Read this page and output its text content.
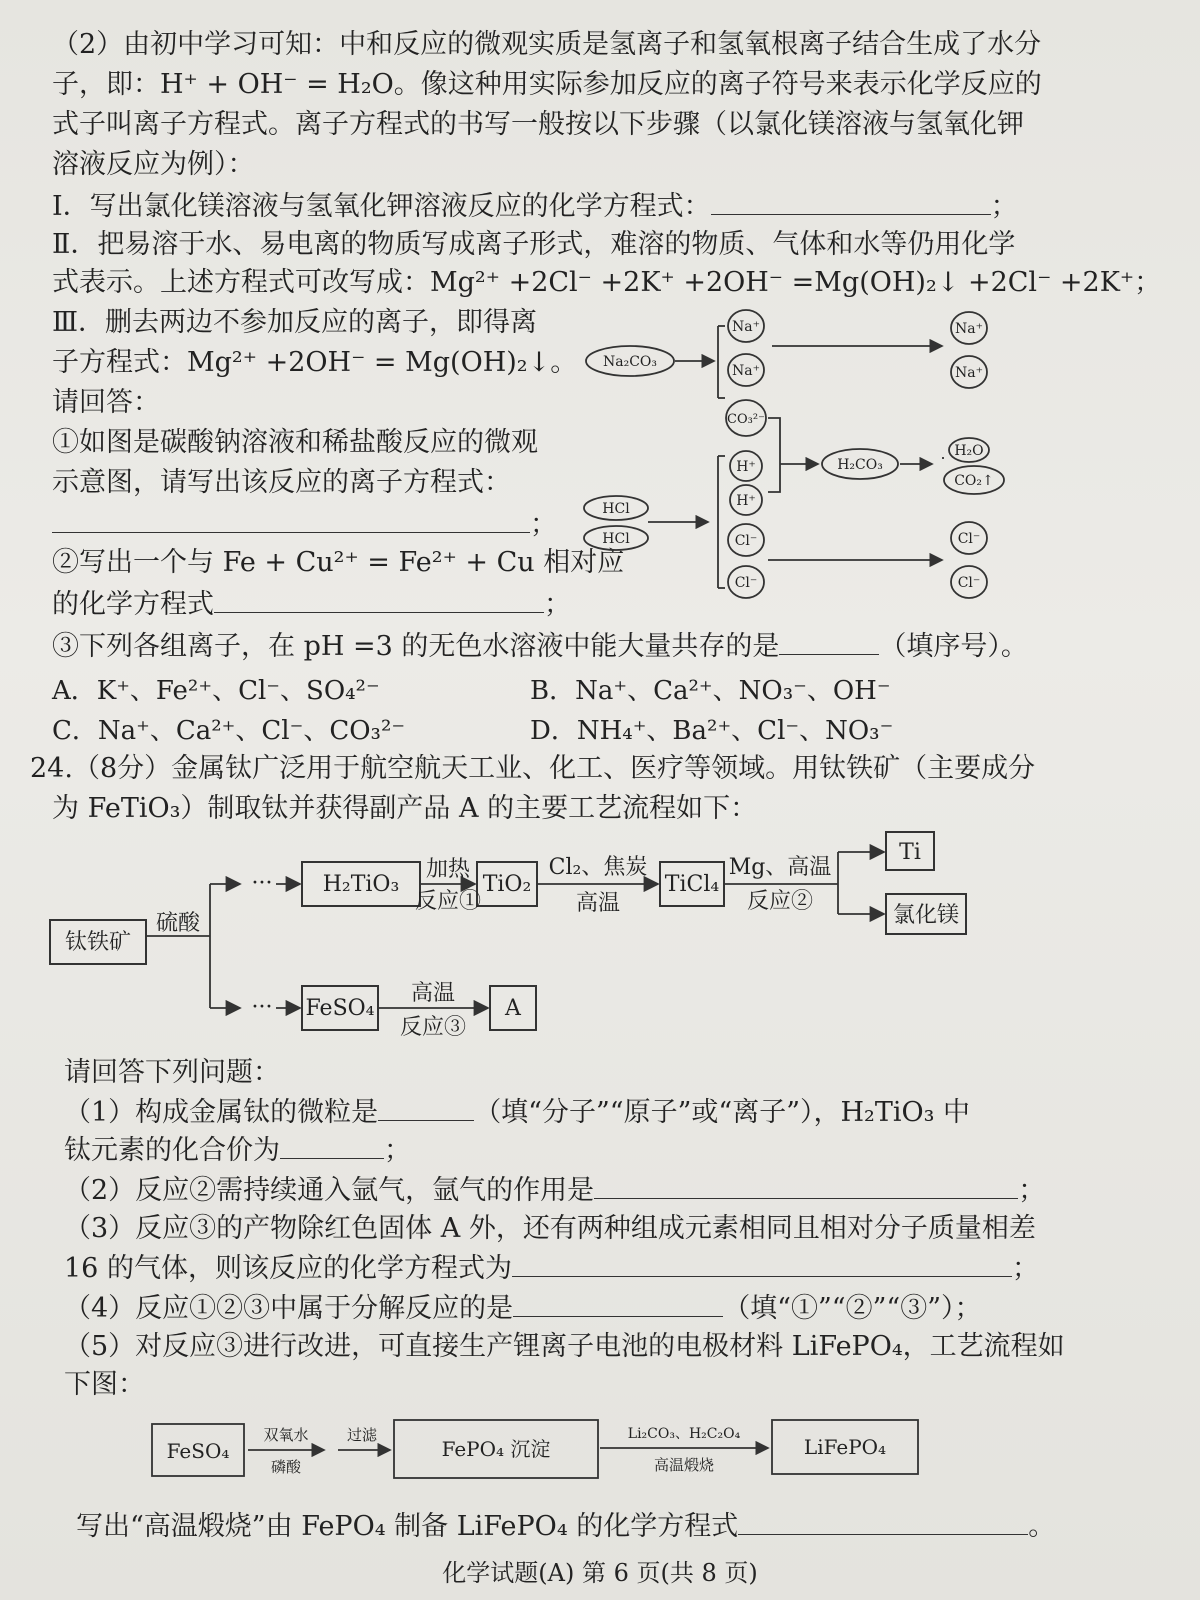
（2）由初中学习可知：中和反应的微观实质是氢离子和氢氧根离子结合生成了水分
子，即：H⁺ + OH⁻ = H₂O。像这种用实际参加反应的离子符号来表示化学反应的
式子叫离子方程式。离子方程式的书写一般按以下步骤（以氯化镁溶液与氢氧化钾
溶液反应为例）：
Ⅰ．写出氯化镁溶液与氢氧化钾溶液反应的化学方程式：	；
Ⅱ．把易溶于水、易电离的物质写成离子形式，难溶的物质、气体和水等仍用化学
式表示。上述方程式可改写成：Mg²⁺ +2Cl⁻ +2K⁺ +2OH⁻ =Mg(OH)₂↓ +2Cl⁻ +2K⁺；
Ⅲ．删去两边不参加反应的离子，即得离
子方程式：Mg²⁺ +2OH⁻ = Mg(OH)₂↓。
请回答：
①如图是碳酸钠溶液和稀盐酸反应的微观
示意图，请写出该反应的离子方程式：
；
②写出一个与 Fe + Cu²⁺ = Fe²⁺ + Cu 相对应
的化学方程式	；
③下列各组离子，在 pH =3 的无色水溶液中能大量共存的是	（填序号）。
A．K⁺、Fe²⁺、Cl⁻、SO₄²⁻	B．Na⁺、Ca²⁺、NO₃⁻、OH⁻
C．Na⁺、Ca²⁺、Cl⁻、CO₃²⁻	D．NH₄⁺、Ba²⁺、Cl⁻、NO₃⁻
Na₂CO₃
Na⁺
Na⁺
CO₃²⁻
H⁺
H⁺
Cl⁻
Cl⁻
HCl
HCl
H₂CO₃
Na⁺
Na⁺
H₂O
CO₂↑
Cl⁻
Cl⁻
24.（8分）金属钛广泛用于航空航天工业、化工、医疗等领域。用钛铁矿（主要成分
为 FeTiO₃）制取钛并获得副产品 A 的主要工艺流程如下：
钛铁矿
硫酸
··· H₂TiO₃
加热
反应①
TiO₂
Cl₂、焦炭
高温
TiCl₄
Mg、高温
反应②
Ti
氯化镁
··· FeSO₄
高温
反应③
A
请回答下列问题：
（1）构成金属钛的微粒是	（填“分子”“原子”或“离子”），H₂TiO₃ 中
钛元素的化合价为	；
（2）反应②需持续通入氩气，氩气的作用是	；
（3）反应③的产物除红色固体 A 外，还有两种组成元素相同且相对分子质量相差
16 的气体，则该反应的化学方程式为	；
（4）反应①②③中属于分解反应的是	（填“①”“②”“③”）；
（5）对反应③进行改进，可直接生产锂离子电池的电极材料 LiFePO₄，工艺流程如
下图：
FeSO₄
双氧水
磷酸
过滤
FePO₄ 沉淀
Li₂CO₃、H₂C₂O₄
高温煅烧
LiFePO₄
写出“高温煅烧”由 FePO₄ 制备 LiFePO₄ 的化学方程式	。
化学试题(A) 第 6 页(共 8 页)
